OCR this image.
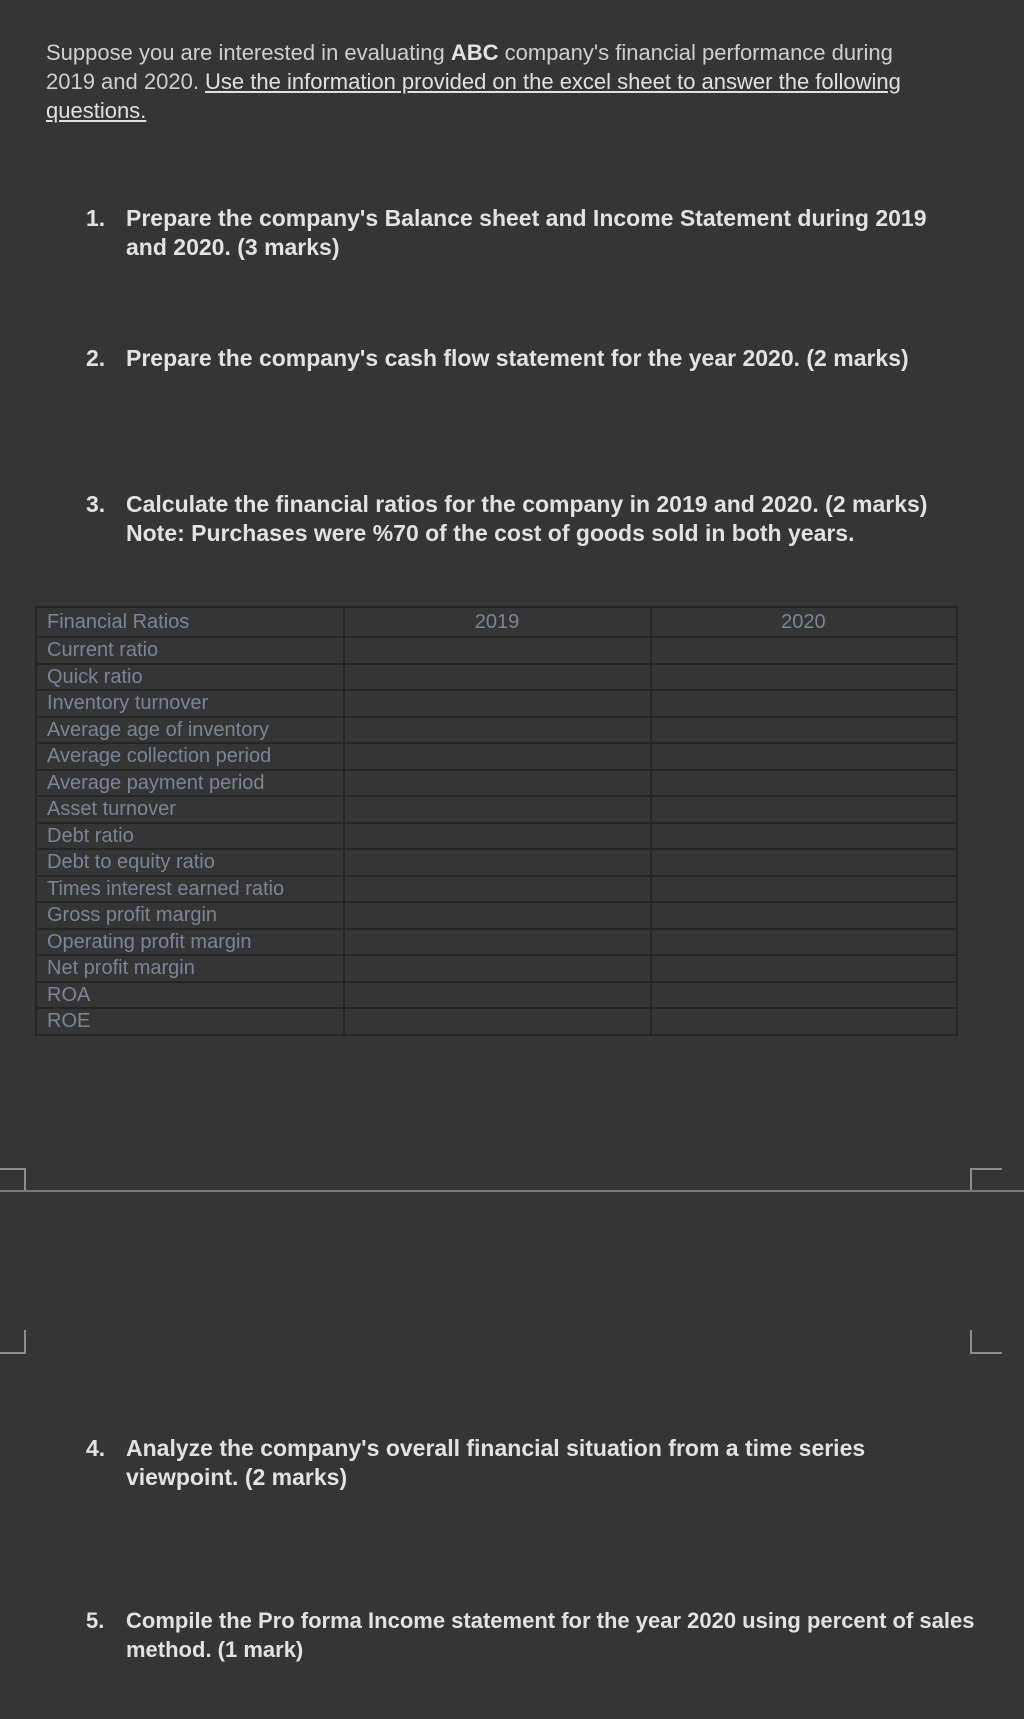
Suppose you are interested in evaluating ABC company's financial performance during 2019 and 2020. Use the information provided on the excel sheet to answer the following questions.
1. Prepare the company's Balance sheet and Income Statement during 2019 and 2020. (3 marks)
2. Prepare the company's cash flow statement for the year 2020. (2 marks)
3. Calculate the financial ratios for the company in 2019 and 2020. (2 marks)
Note: Purchases were %70 of the cost of goods sold in both years.
Financial Ratios	2019	2020
Current ratio		
Quick ratio		
Inventory turnover		
Average age of inventory		
Average collection period		
Average payment period		
Asset turnover		
Debt ratio		
Debt to equity ratio		
Times interest earned ratio		
Gross profit margin		
Operating profit margin		
Net profit margin		
ROA		
ROE		
4. Analyze the company's overall financial situation from a time series viewpoint. (2 marks)
5. Compile the Pro forma Income statement for the year 2020 using percent of sales method. (1 mark)
